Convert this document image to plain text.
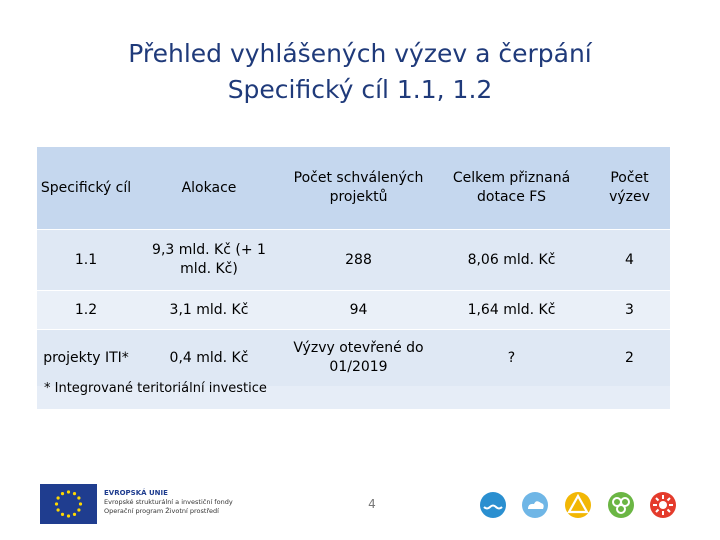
Přehled vyhlášených výzev a čerpání
Specifický cíl 1.1, 1.2
Specifický cíl	Alokace	Počet schválených projektů	Celkem přiznaná dotace FS	Počet výzev
1.1	9,3 mld. Kč (+ 1 mld. Kč)	288	8,06 mld. Kč	4
1.2	3,1 mld. Kč	94	1,64 mld. Kč	3
projekty ITI*	0,4 mld. Kč	Výzvy otevřené do 01/2019	?	2
* Integrované teritoriální investice
EVROPSKÁ UNIE
Evropské strukturální a investiční fondy
Operační program Životní prostředí	4
